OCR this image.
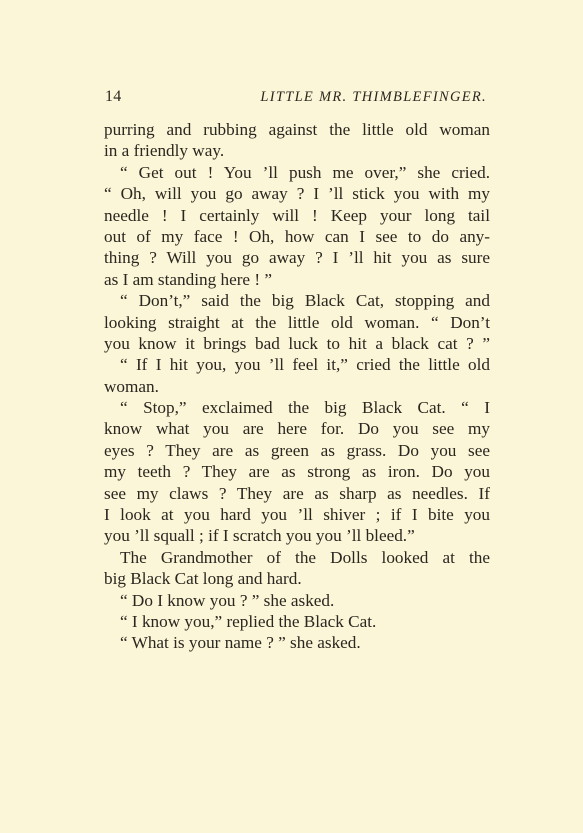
14	LITTLE MR. THIMBLEFINGER.
purring and rubbing against the little old woman
in a friendly way.
“ Get out ! You ’ll push me over,” she cried.
“ Oh, will you go away ? I ’ll stick you with my
needle ! I certainly will ! Keep your long tail
out of my face ! Oh, how can I see to do any-
thing ? Will you go away ? I ’ll hit you as sure
as I am standing here ! ”
“ Don’t,” said the big Black Cat, stopping and
looking straight at the little old woman. “ Don’t
you know it brings bad luck to hit a black cat ? ”
“ If I hit you, you ’ll feel it,” cried the little old
woman.
“ Stop,” exclaimed the big Black Cat. “ I
know what you are here for. Do you see my
eyes ? They are as green as grass. Do you see
my teeth ? They are as strong as iron. Do you
see my claws ? They are as sharp as needles. If
I look at you hard you ’ll shiver ; if I bite you
you ’ll squall ; if I scratch you you ’ll bleed.”
The Grandmother of the Dolls looked at the
big Black Cat long and hard.
“ Do I know you ? ” she asked.
“ I know you,” replied the Black Cat.
“ What is your name ? ” she asked.
